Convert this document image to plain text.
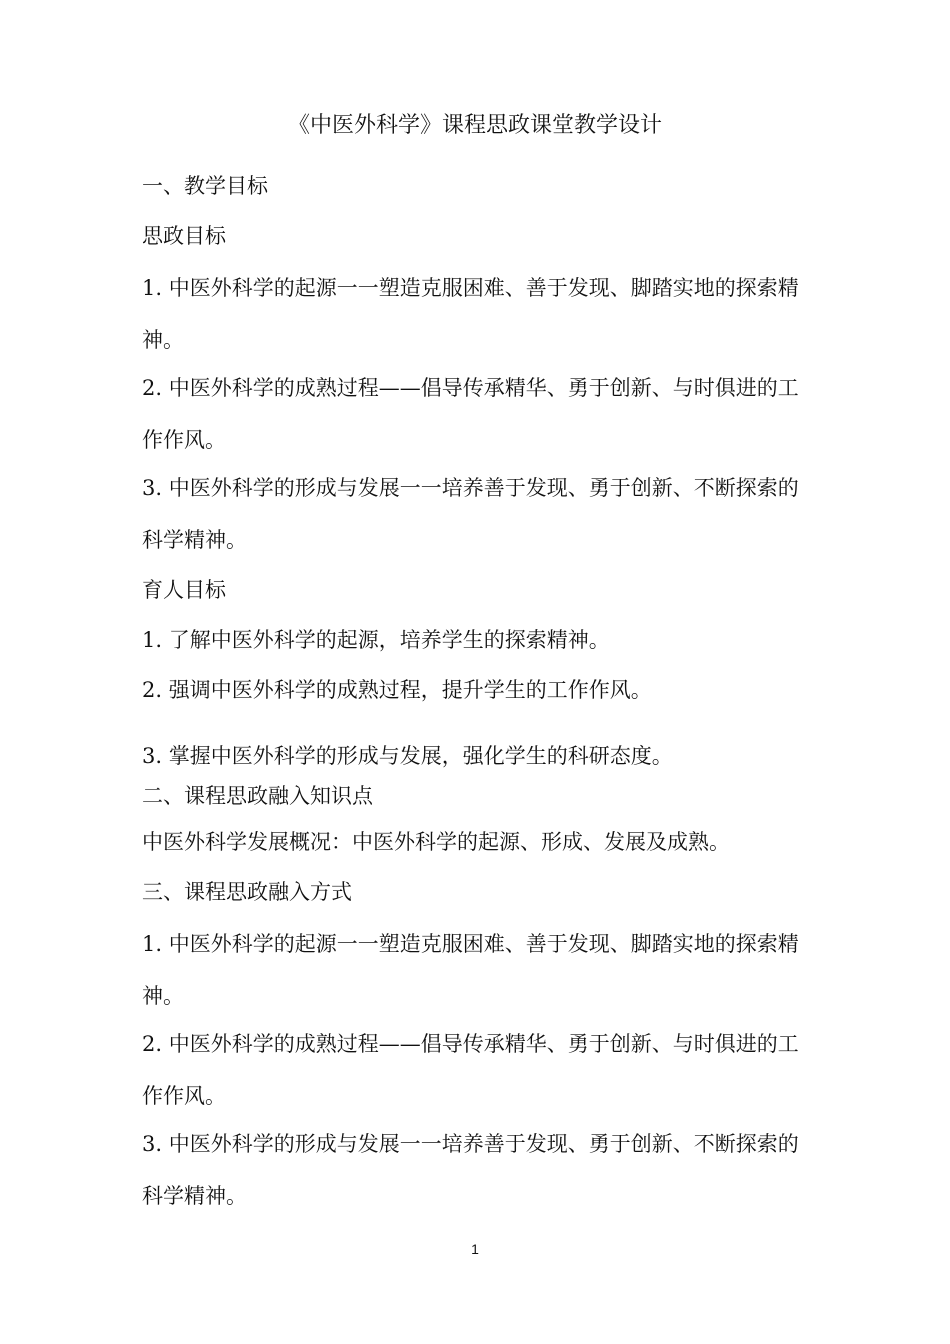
《中医外科学》课程思政课堂教学设计

一、教学目标

思政目标

1. 中医外科学的起源一一塑造克服困难、善于发现、脚踏实地的探索精神。

2. 中医外科学的成熟过程——倡导传承精华、勇于创新、与时俱进的工作作风。

3. 中医外科学的形成与发展一一培养善于发现、勇于创新、不断探索的科学精神。

育人目标

1. 了解中医外科学的起源，培养学生的探索精神。

2. 强调中医外科学的成熟过程，提升学生的工作作风。

3. 掌握中医外科学的形成与发展，强化学生的科研态度。

二、课程思政融入知识点

中医外科学发展概况：中医外科学的起源、形成、发展及成熟。

三、课程思政融入方式

1. 中医外科学的起源一一塑造克服困难、善于发现、脚踏实地的探索精神。

2. 中医外科学的成熟过程——倡导传承精华、勇于创新、与时俱进的工作作风。

3. 中医外科学的形成与发展一一培养善于发现、勇于创新、不断探索的科学精神。

1
